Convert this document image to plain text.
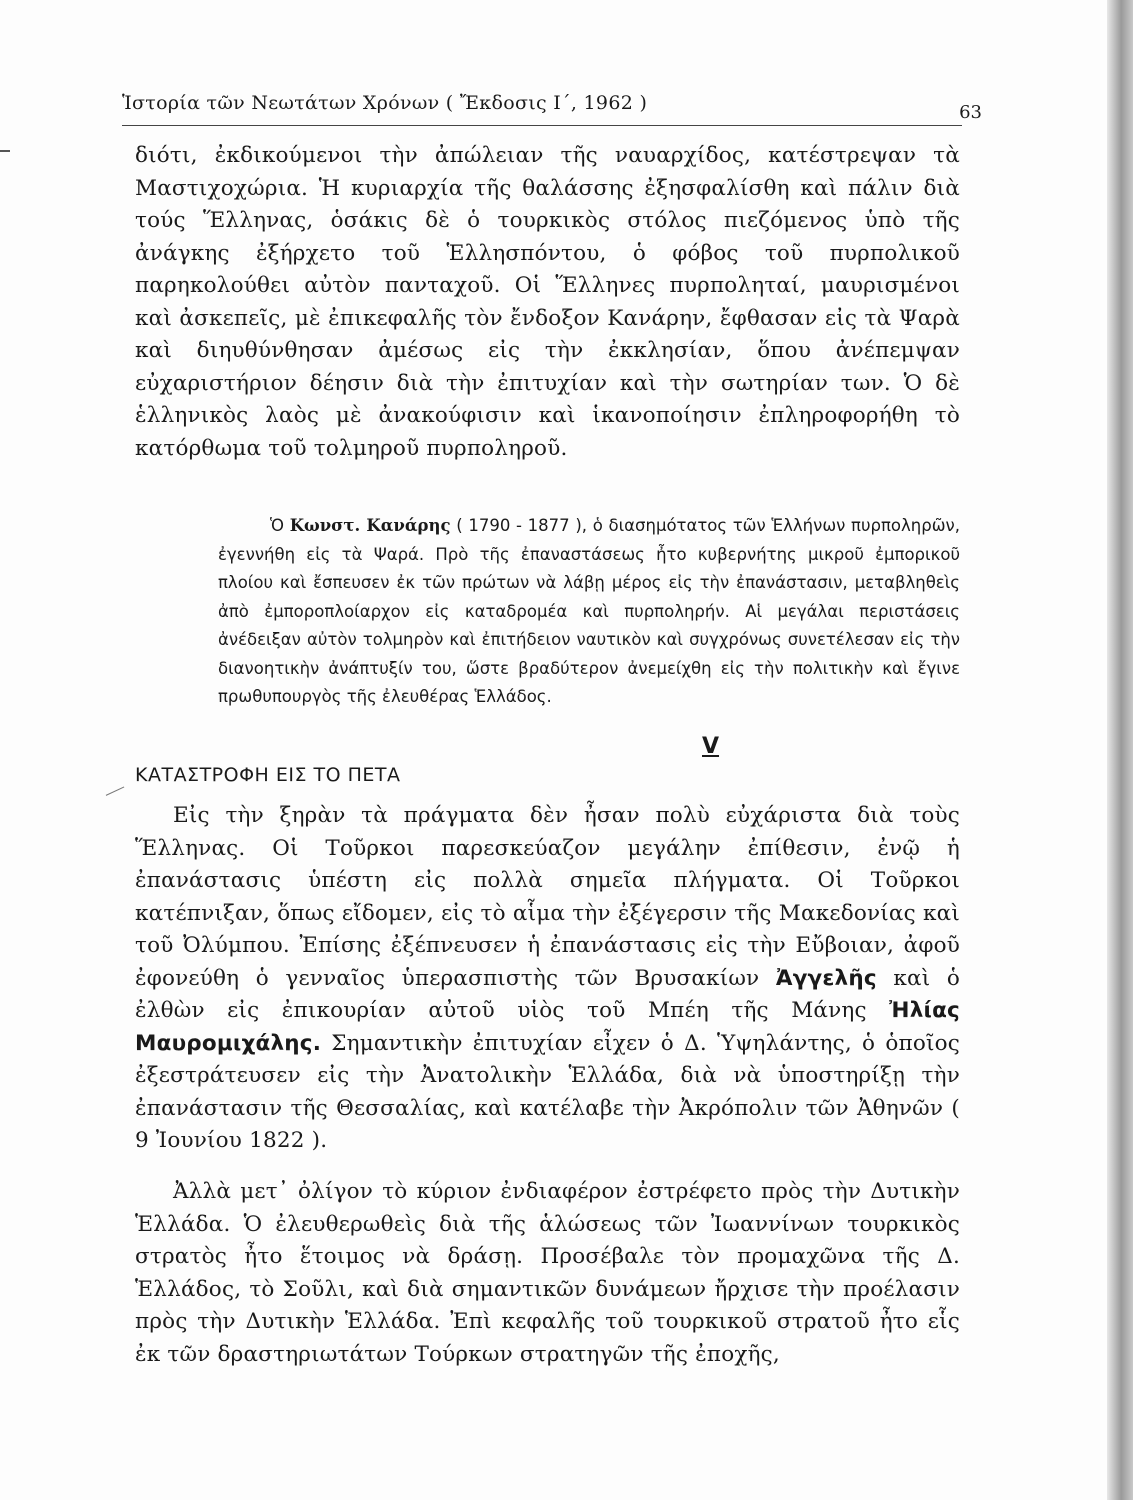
Ἱστορία τῶν Νεωτάτων Χρόνων ( Ἔκδοσις Ι΄, 1962 )	63
διότι, ἐκδικούμενοι τὴν ἀπώλειαν τῆς ναυαρχίδος, κατέστρεψαν τὰ Μαστιχοχώρια. Ἡ κυριαρχία τῆς θαλάσσης ἐξησφαλίσθη καὶ πάλιν διὰ τούς Ἕλληνας, ὁσάκις δὲ ὁ τουρκικὸς στόλος πιεζόμενος ὑπὸ τῆς ἀνάγκης ἐξήρχετο τοῦ Ἑλλησπόντου, ὁ φόβος τοῦ πυρπολικοῦ παρηκολούθει αὐτὸν πανταχοῦ. Οἱ Ἕλληνες πυρποληταί, μαυρισμένοι καὶ ἀσκεπεῖς, μὲ ἐπικεφαλῆς τὸν ἔνδοξον Κανάρην, ἔφθασαν εἰς τὰ Ψαρὰ καὶ διηυθύνθησαν ἀμέσως εἰς τὴν ἐκκλησίαν, ὅπου ἀνέπεμψαν εὐχαριστήριον δέησιν διὰ τὴν ἐπιτυχίαν καὶ τὴν σωτηρίαν των. Ὁ δὲ ἑλληνικὸς λαὸς μὲ ἀνακούφισιν καὶ ἱκανοποίησιν ἐπληροφορήθη τὸ κατόρθωμα τοῦ τολμηροῦ πυρποληροῦ.
Ὁ Κωνστ. Κανάρης ( 1790 - 1877 ), ὁ διασημότατος τῶν Ἑλλήνων πυρποληρῶν, ἐγεννήθη εἰς τὰ Ψαρά. Πρὸ τῆς ἐπαναστάσεως ἦτο κυβερνήτης μικροῦ ἐμπορικοῦ πλοίου καὶ ἔσπευσεν ἐκ τῶν πρώτων νὰ λάβῃ μέρος εἰς τὴν ἐπανάστασιν, μεταβληθεὶς ἀπὸ ἐμποροπλοίαρχον εἰς καταδρομέα καὶ πυρποληρήν. Αἱ μεγάλαι περιστάσεις ἀνέδειξαν αὐτὸν τολμηρὸν καὶ ἐπιτήδειον ναυτικὸν καὶ συγχρόνως συνετέλεσαν εἰς τὴν διανοητικὴν ἀνάπτυξίν του, ὥστε βραδύτερον ἀνεμείχθη εἰς τὴν πολιτικὴν καὶ ἔγινε πρωθυπουργὸς τῆς ἐλευθέρας Ἑλλάδος.
V
ΚΑΤΑΣΤΡΟΦΗ ΕΙΣ ΤΟ ΠΕΤΑ
Εἰς τὴν ξηρὰν τὰ πράγματα δὲν ἦσαν πολὺ εὐχάριστα διὰ τοὺς Ἕλληνας. Οἱ Τοῦρκοι παρεσκεύαζον μεγάλην ἐπίθεσιν, ἐνῷ ἡ ἐπανάστασις ὑπέστη εἰς πολλὰ σημεῖα πλήγματα. Οἱ Τοῦρκοι κατέπνιξαν, ὅπως εἴδομεν, εἰς τὸ αἷμα τὴν ἐξέγερσιν τῆς Μακεδονίας καὶ τοῦ Ὀλύμπου. Ἐπίσης ἐξέπνευσεν ἡ ἐπανάστασις εἰς τὴν Εὔβοιαν, ἀφοῦ ἐφονεύθη ὁ γενναῖος ὑπερασπιστὴς τῶν Βρυσακίων Ἀγγελῆς καὶ ὁ ἐλθὼν εἰς ἐπικουρίαν αὐτοῦ υἱὸς τοῦ Μπέη τῆς Μάνης Ἠλίας Μαυρομιχάλης. Σημαντικὴν ἐπιτυχίαν εἶχεν ὁ Δ. Ὑψηλάντης, ὁ ὁποῖος ἐξεστράτευσεν εἰς τὴν Ἀνατολικὴν Ἑλλάδα, διὰ νὰ ὑποστηρίξῃ τὴν ἐπανάστασιν τῆς Θεσσαλίας, καὶ κατέλαβε τὴν Ἀκρόπολιν τῶν Ἀθηνῶν ( 9 Ἰουνίου 1822 ).
Ἀλλὰ μετ᾽ ὀλίγον τὸ κύριον ἐνδιαφέρον ἐστρέφετο πρὸς τὴν Δυτικὴν Ἑλλάδα. Ὁ ἐλευθερωθεὶς διὰ τῆς ἁλώσεως τῶν Ἰωαννίνων τουρκικὸς στρατὸς ἦτο ἕτοιμος νὰ δράσῃ. Προσέβαλε τὸν προμαχῶνα τῆς Δ. Ἑλλάδος, τὸ Σοῦλι, καὶ διὰ σημαντικῶν δυνάμεων ἤρχισε τὴν προέλασιν πρὸς τὴν Δυτικὴν Ἑλλάδα. Ἐπὶ κεφαλῆς τοῦ τουρκικοῦ στρατοῦ ἦτο εἷς ἐκ τῶν δραστηριωτάτων Τούρκων στρατηγῶν τῆς ἐποχῆς,
